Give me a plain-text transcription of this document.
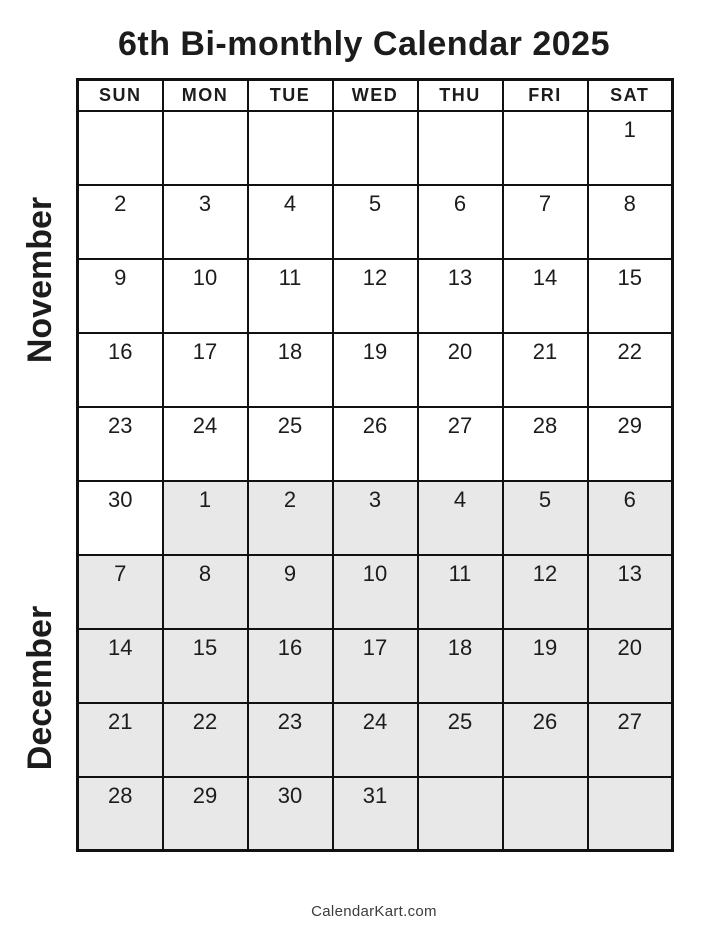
6th Bi-monthly Calendar 2025
November
December
SUN	MON	TUE	WED	THU	FRI	SAT
						1
2	3	4	5	6	7	8
9	10	11	12	13	14	15
16	17	18	19	20	21	22
23	24	25	26	27	28	29
30	1	2	3	4	5	6
7	8	9	10	11	12	13
14	15	16	17	18	19	20
21	22	23	24	25	26	27
28	29	30	31			
CalendarKart.com
